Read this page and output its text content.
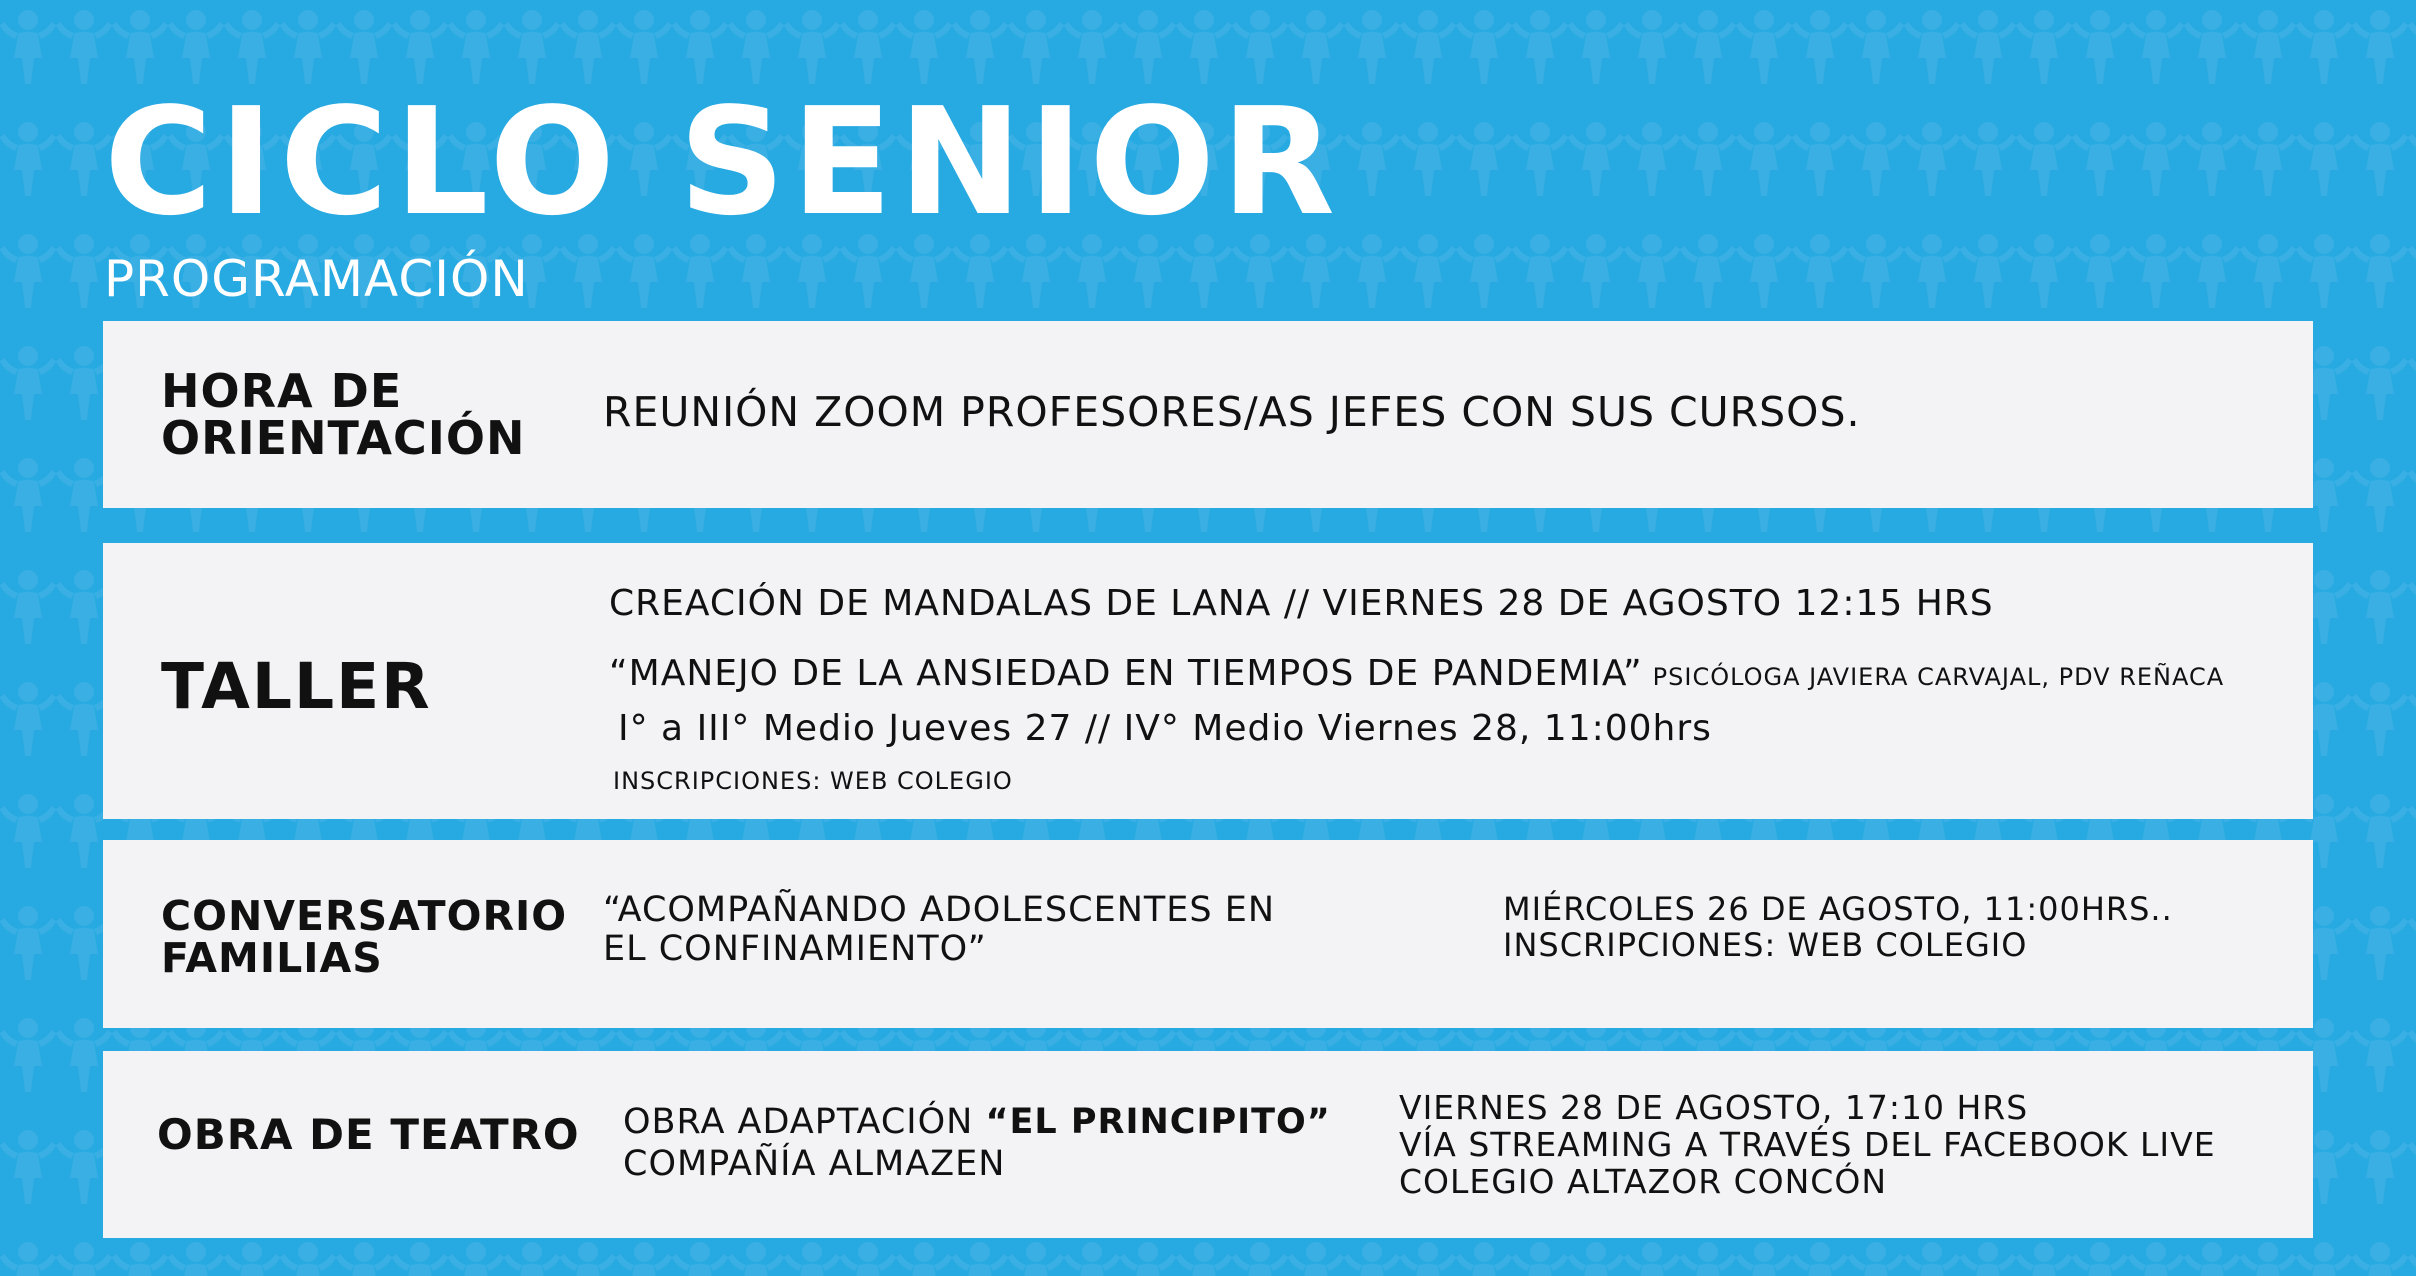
CICLO SENIOR
PROGRAMACIÓN
HORA DE ORIENTACIÓN	REUNIÓN ZOOM PROFESORES/AS JEFES CON SUS CURSOS.
TALLER
CREACIÓN DE MANDALAS DE LANA // VIERNES 28 DE AGOSTO 12:15 HRS
“MANEJO DE LA ANSIEDAD EN TIEMPOS DE PANDEMIA” PSICÓLOGA JAVIERA CARVAJAL, PDV REÑACA
I° a III° Medio Jueves 27 // IV° Medio Viernes 28, 11:00hrs
INSCRIPCIONES: WEB COLEGIO
CONVERSATORIO FAMILIAS
“ACOMPAÑANDO ADOLESCENTES EN
EL CONFINAMIENTO”
MIÉRCOLES 26 DE AGOSTO, 11:00HRS..
INSCRIPCIONES: WEB COLEGIO
OBRA DE TEATRO	OBRA ADAPTACIÓN “EL PRINCIPITO”
COMPAÑÍA ALMAZEN
VIERNES 28 DE AGOSTO, 17:10 HRS
VÍA STREAMING A TRAVÉS DEL FACEBOOK LIVE
COLEGIO ALTAZOR CONCÓN
